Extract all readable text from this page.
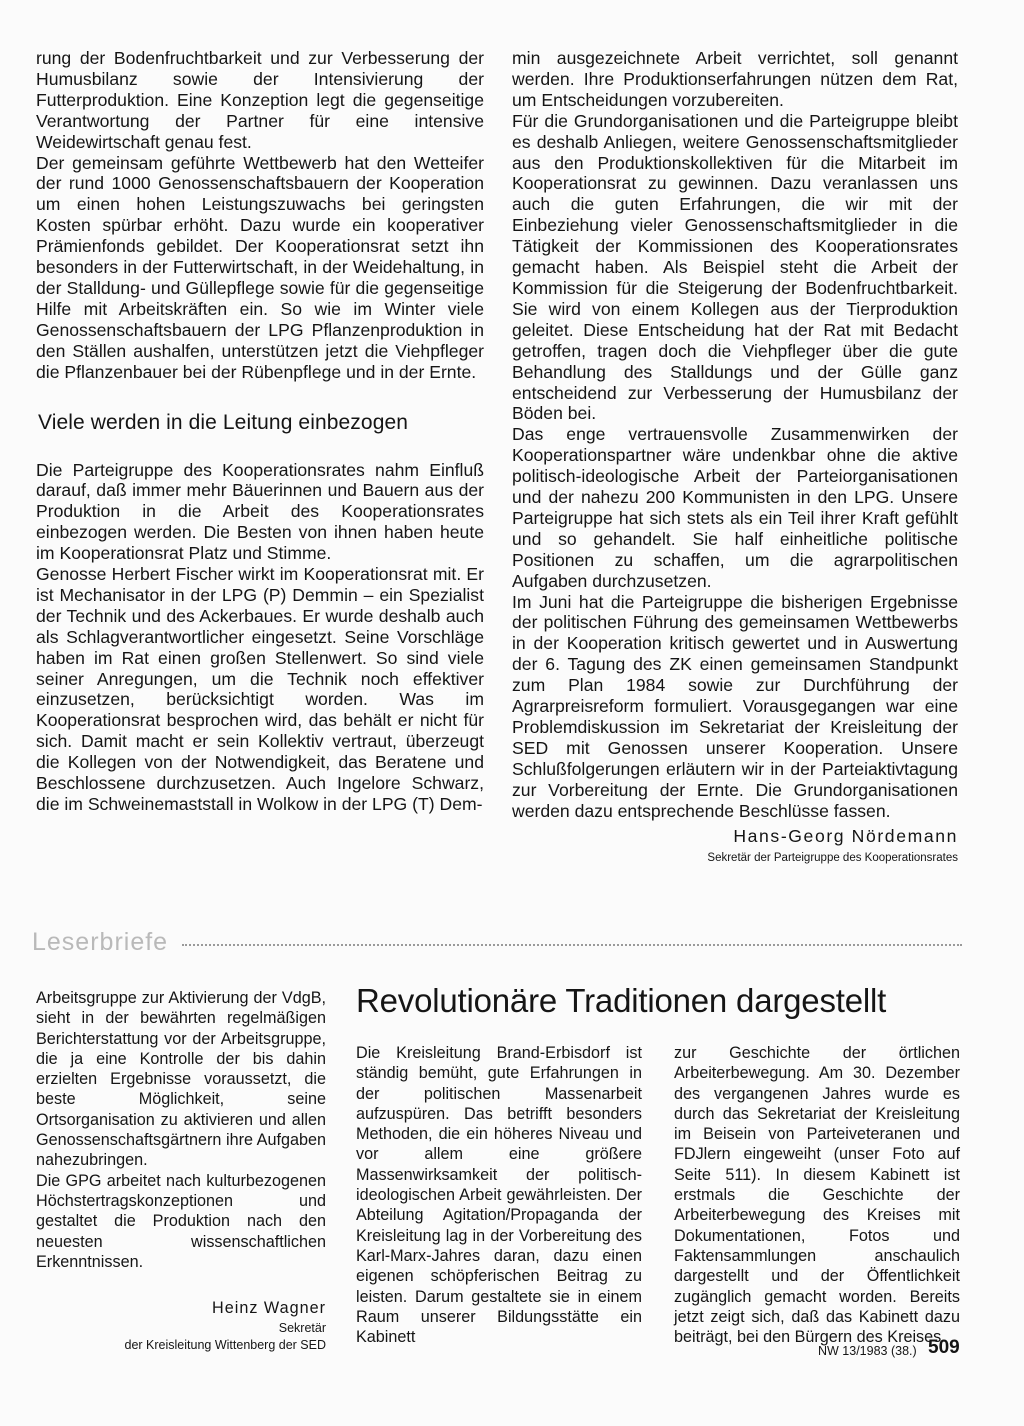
rung der Bodenfruchtbarkeit und zur Verbesserung der Humusbilanz sowie der Intensivierung der Futterproduktion. Eine Konzeption legt die gegenseitige Verantwortung der Partner für eine intensive Weidewirtschaft genau fest.

Der gemeinsam geführte Wettbewerb hat den Wetteifer der rund 1000 Genossenschaftsbauern der Kooperation um einen hohen Leistungszuwachs bei geringsten Kosten spürbar erhöht. Dazu wurde ein kooperativer Prämienfonds gebildet. Der Kooperationsrat setzt ihn besonders in der Futterwirtschaft, in der Weidehaltung, in der Stalldung- und Güllepflege sowie für die gegenseitige Hilfe mit Arbeitskräften ein. So wie im Winter viele Genossenschaftsbauern der LPG Pflanzenproduktion in den Ställen aushalfen, unterstützen jetzt die Viehpfleger die Pflanzenbauer bei der Rübenpflege und in der Ernte.

Viele werden in die Leitung einbezogen

Die Parteigruppe des Kooperationsrates nahm Einfluß darauf, daß immer mehr Bäuerinnen und Bauern aus der Produktion in die Arbeit des Kooperationsrates einbezogen werden. Die Besten von ihnen haben heute im Kooperationsrat Platz und Stimme.

Genosse Herbert Fischer wirkt im Kooperationsrat mit. Er ist Mechanisator in der LPG (P) Demmin – ein Spezialist der Technik und des Ackerbaues. Er wurde deshalb auch als Schlagverantwortlicher eingesetzt. Seine Vorschläge haben im Rat einen großen Stellenwert. So sind viele seiner Anregungen, um die Technik noch effektiver einzusetzen, berücksichtigt worden. Was im Kooperationsrat besprochen wird, das behält er nicht für sich. Damit macht er sein Kollektiv vertraut, überzeugt die Kollegen von der Notwendigkeit, das Beratene und Beschlossene durchzusetzen. Auch Ingelore Schwarz, die im Schweinemaststall in Wolkow in der LPG (T) Dem-

min ausgezeichnete Arbeit verrichtet, soll genannt werden. Ihre Produktionserfahrungen nützen dem Rat, um Entscheidungen vorzubereiten.

Für die Grundorganisationen und die Parteigruppe bleibt es deshalb Anliegen, weitere Genossenschaftsmitglieder aus den Produktionskollektiven für die Mitarbeit im Kooperationsrat zu gewinnen. Dazu veranlassen uns auch die guten Erfahrungen, die wir mit der Einbeziehung vieler Genossenschaftsmitglieder in die Tätigkeit der Kommissionen des Kooperationsrates gemacht haben. Als Beispiel steht die Arbeit der Kommission für die Steigerung der Bodenfruchtbarkeit. Sie wird von einem Kollegen aus der Tierproduktion geleitet. Diese Entscheidung hat der Rat mit Bedacht getroffen, tragen doch die Viehpfleger über die gute Behandlung des Stalldungs und der Gülle ganz entscheidend zur Verbesserung der Humusbilanz der Böden bei.

Das enge vertrauensvolle Zusammenwirken der Kooperationspartner wäre undenkbar ohne die aktive politisch-ideologische Arbeit der Parteiorganisationen und der nahezu 200 Kommunisten in den LPG. Unsere Parteigruppe hat sich stets als ein Teil ihrer Kraft gefühlt und so gehandelt. Sie half einheitliche politische Positionen zu schaffen, um die agrarpolitischen Aufgaben durchzusetzen.

Im Juni hat die Parteigruppe die bisherigen Ergebnisse der politischen Führung des gemeinsamen Wettbewerbs in der Kooperation kritisch gewertet und in Auswertung der 6. Tagung des ZK einen gemeinsamen Standpunkt zum Plan 1984 sowie zur Durchführung der Agrarpreisreform formuliert. Vorausgegangen war eine Problemdiskussion im Sekretariat der Kreisleitung der SED mit Genossen unserer Kooperation. Unsere Schlußfolgerungen erläutern wir in der Parteiaktivtagung zur Vorbereitung der Ernte. Die Grundorganisationen werden dazu entsprechende Beschlüsse fassen.

Hans-Georg Nördemann

Sekretär der Parteigruppe des Kooperationsrates

Leserbriefe

Arbeitsgruppe zur Aktivierung der VdgB, sieht in der bewährten regelmäßigen Berichterstattung vor der Arbeitsgruppe, die ja eine Kontrolle der bis dahin erzielten Ergebnisse voraussetzt, die beste Möglichkeit, seine Ortsorganisation zu aktivieren und allen Genossenschaftsgärtnern ihre Aufgaben nahezubringen.

Die GPG arbeitet nach kulturbezogenen Höchstertragskonzeptionen und gestaltet die Produktion nach den neuesten wissenschaftlichen Erkenntnissen.

Heinz Wagner

Sekretär

der Kreisleitung Wittenberg der SED

Revolutionäre Traditionen dargestellt

Die Kreisleitung Brand-Erbisdorf ist ständig bemüht, gute Erfahrungen in der politischen Massenarbeit aufzuspüren. Das betrifft besonders Methoden, die ein höheres Niveau und vor allem eine größere Massenwirksamkeit der politisch-ideologischen Arbeit gewährleisten. Der Abteilung Agitation/Propaganda der Kreisleitung lag in der Vorbereitung des Karl-Marx-Jahres daran, dazu einen eigenen schöpferischen Beitrag zu leisten. Darum gestaltete sie in einem Raum unserer Bildungsstätte ein Kabinett

zur Geschichte der örtlichen Arbeiterbewegung. Am 30. Dezember des vergangenen Jahres wurde es durch das Sekretariat der Kreisleitung im Beisein von Parteiveteranen und FDJlern eingeweiht (unser Foto auf Seite 511). In diesem Kabinett ist erstmals die Geschichte der Arbeiterbewegung des Kreises mit Dokumentationen, Fotos und Faktensammlungen anschaulich dargestellt und der Öffentlichkeit zugänglich gemacht worden. Bereits jetzt zeigt sich, daß das Kabinett dazu beiträgt, bei den Bürgern des Kreises

NW 13/1983 (38.) 509
